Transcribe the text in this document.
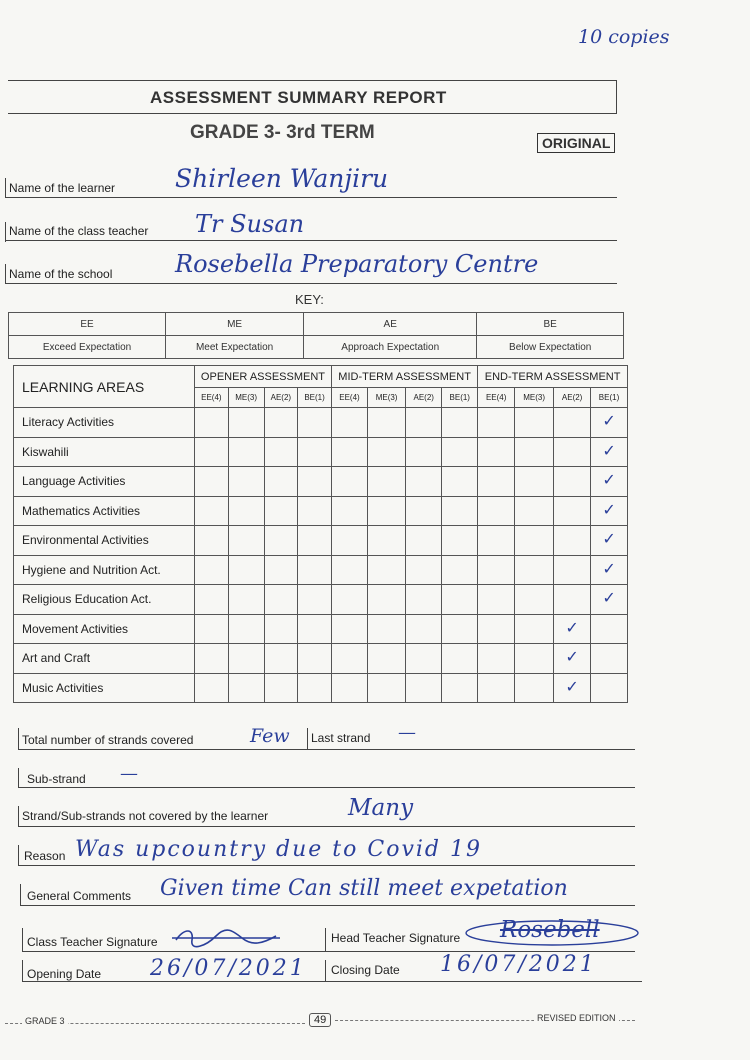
10 copies
ASSESSMENT SUMMARY REPORT
GRADE 3- 3rd TERM	ORIGINAL
Name of the learner Shirleen Wanjiru
Name of the class teacher Tr Susan
Name of the school	Rosebella Preparatory Centre
KEY:
EE	ME	AE	BE
Exceed Expectation	Meet Expectation	Approach Expectation	Below Expectation
LEARNING AREAS	OPENER ASSESSMENT				MID-TERM ASSESSMENT				END-TERM ASSESSMENT			
	EE(4)	ME(3)	AE(2)	BE(1)	EE(4)	ME(3)	AE(2)	BE(1)	EE(4)	ME(3)	AE(2)	BE(1)
Literacy Activities												✓
Kiswahili												✓
Language Activities												✓
Mathematics Activities												✓
Environmental Activities												✓
Hygiene and Nutrition Act.												✓
Religious Education Act.												✓
Movement Activities											✓	
Art and Craft											✓	
Music Activities											✓	
Total number of strands covered	Few Last strand —
Sub-strand —
Strand/Sub-strands not covered by the learner	Many
Reason Was upcountry due to Covid 19
General Comments Given time Can still meet expetation
Class Teacher Signature	Head Teacher Signature Rosebell
Opening Date 26/07/2021 Closing Date 16/07/2021
GRADE 3	49	REVISED EDITION
